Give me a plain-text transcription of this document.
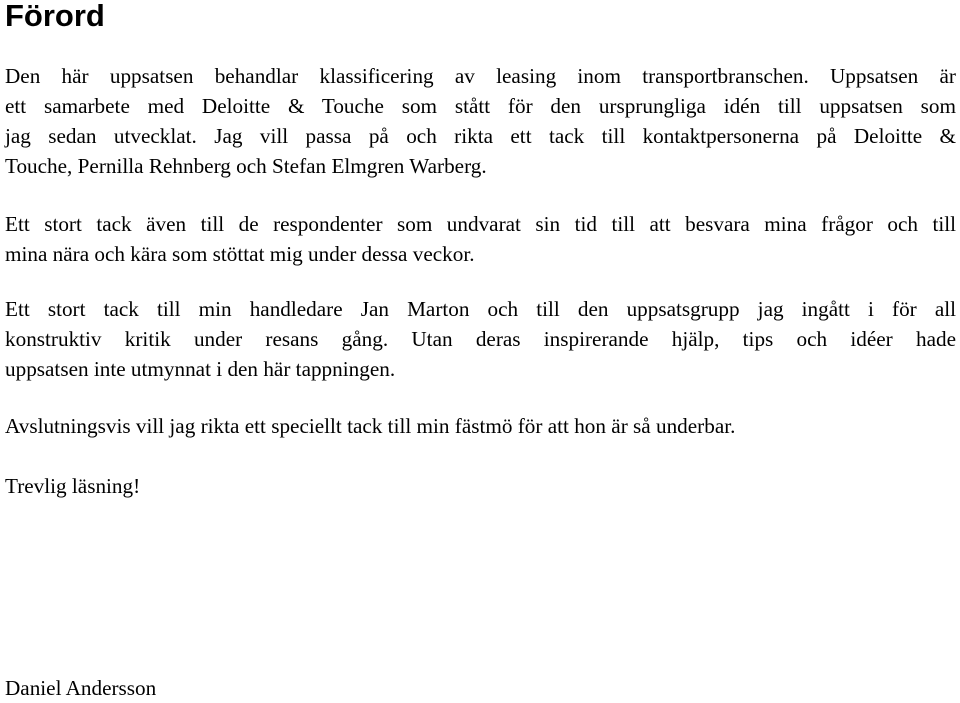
Förord

Den här uppsatsen behandlar klassificering av leasing inom transportbranschen. Uppsatsen är
ett samarbete med Deloitte & Touche som stått för den ursprungliga idén till uppsatsen som
jag sedan utvecklat. Jag vill passa på och rikta ett tack till kontaktpersonerna på Deloitte &
Touche, Pernilla Rehnberg och Stefan Elmgren Warberg.

Ett stort tack även till de respondenter som undvarat sin tid till att besvara mina frågor och till
mina nära och kära som stöttat mig under dessa veckor.

Ett stort tack till min handledare Jan Marton och till den uppsatsgrupp jag ingått i för all
konstruktiv kritik under resans gång. Utan deras inspirerande hjälp, tips och idéer hade
uppsatsen inte utmynnat i den här tappningen.

Avslutningsvis vill jag rikta ett speciellt tack till min fästmö för att hon är så underbar.

Trevlig läsning!

Daniel Andersson
